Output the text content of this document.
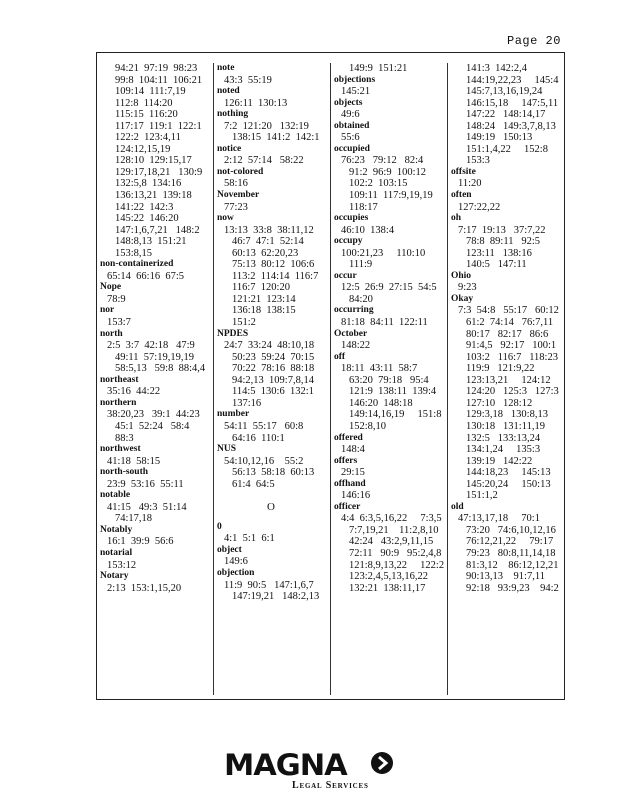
Page 20
94:21  97:19  98:23
99:8  104:11  106:21
109:14  111:7,19
112:8  114:20
115:15  116:20
117:17  119:1  122:1
122:2  123:4,11
124:12,15,19
128:10  129:15,17
129:17,18,21   130:9
132:5,8  134:16
136:13,21  139:18
141:22  142:3
145:22  146:20
147:1,6,7,21   148:2
148:8,13  151:21
153:8,15
non-containerized
65:14  66:16  67:5
Nope
78:9
nor
153:7
north
2:5  3:7  42:18   47:9
49:11  57:19,19,19
58:5,13   59:8  88:4,4
northeast
35:16  44:22
northern
38:20,23   39:1  44:23
45:1  52:24   58:4
88:3
northwest
41:18  58:15
north-south
23:9  53:16  55:11
notable
41:15   49:3  51:14
74:17,18
Notably
16:1  39:9  56:6
notarial
153:12
Notary
2:13  153:1,15,20
note
43:3  55:19
noted
126:11  130:13
nothing
7:2  121:20   132:19
138:15  141:2  142:1
notice
2:12  57:14   58:22
not-colored
58:16
November
77:23
now
13:13  33:8  38:11,12
46:7  47:1  52:14
60:13  62:20,23
75:13  80:12  106:6
113:2  114:14  116:7
116:7  120:20
121:21  123:14
136:18  138:15
151:2
NPDES
24:7  33:24  48:10,18
50:23  59:24  70:15
70:22  78:16  88:18
94:2,13  109:7,8,14
114:5  130:6  132:1
137:16
number
54:11  55:17   60:8
64:16  110:1
NUS
54:10,12,16    55:2
56:13  58:18  60:13
61:4  64:5
O
0
4:1  5:1  6:1
object
149:6
objection
11:9  90:5   147:1,6,7
147:19,21   148:2,13
149:9  151:21
objections
145:21
objects
49:6
obtained
55:6
occupied
76:23   79:12   82:4
91:2  96:9  100:12
102:2  103:15
109:11  117:9,19,19
118:17
occupies
46:10  138:4
occupy
100:21,23     110:10
111:9
occur
12:5  26:9  27:15  54:5
84:20
occurring
81:18  84:11  122:11
October
148:22
off
18:11  43:11  58:7
63:20  79:18   95:4
121:9  138:11  139:4
146:20  148:18
149:14,16,19     151:8
152:8,10
offered
148:4
offers
29:15
offhand
146:16
officer
4:4  6:3,5,16,22     7:3,5
7:7,19,21    11:2,8,10
42:24   43:2,9,11,15
72:11   90:9   95:2,4,8
121:8,9,13,22     122:2
123:2,4,5,13,16,22
132:21  138:11,17
141:3  142:2,4
144:19,22,23     145:4
145:7,13,16,19,24
146:15,18     147:5,11
147:22   148:14,17
148:24   149:3,7,8,13
149:19   150:13
151:1,4,22     152:8
153:3
offsite
11:20
often
127:22,22
oh
7:17  19:13   37:7,22
78:8  89:11   92:5
123:11   138:16
140:5   147:11
Ohio
9:23
Okay
7:3  54:8   55:17   60:12
61:2  74:14   76:7,11
80:17   82:17   86:6
91:4,5   92:17   100:1
103:2   116:7   118:23
119:9   121:9,22
123:13,21     124:12
124:20   125:3   127:3
127:10   128:12
129:3,18   130:8,13
130:18   131:11,19
132:5   133:13,24
134:1,24     135:3
139:19   142:22
144:18,23     145:13
145:20,24     150:13
151:1,2
old
47:13,17,18     70:1
73:20   74:6,10,12,16
76:12,21,22     79:17
79:23   80:8,11,14,18
81:3,12    86:12,12,21
90:13,13    91:7,11
92:18   93:9,23    94:2
MAGNA
Legal Services
